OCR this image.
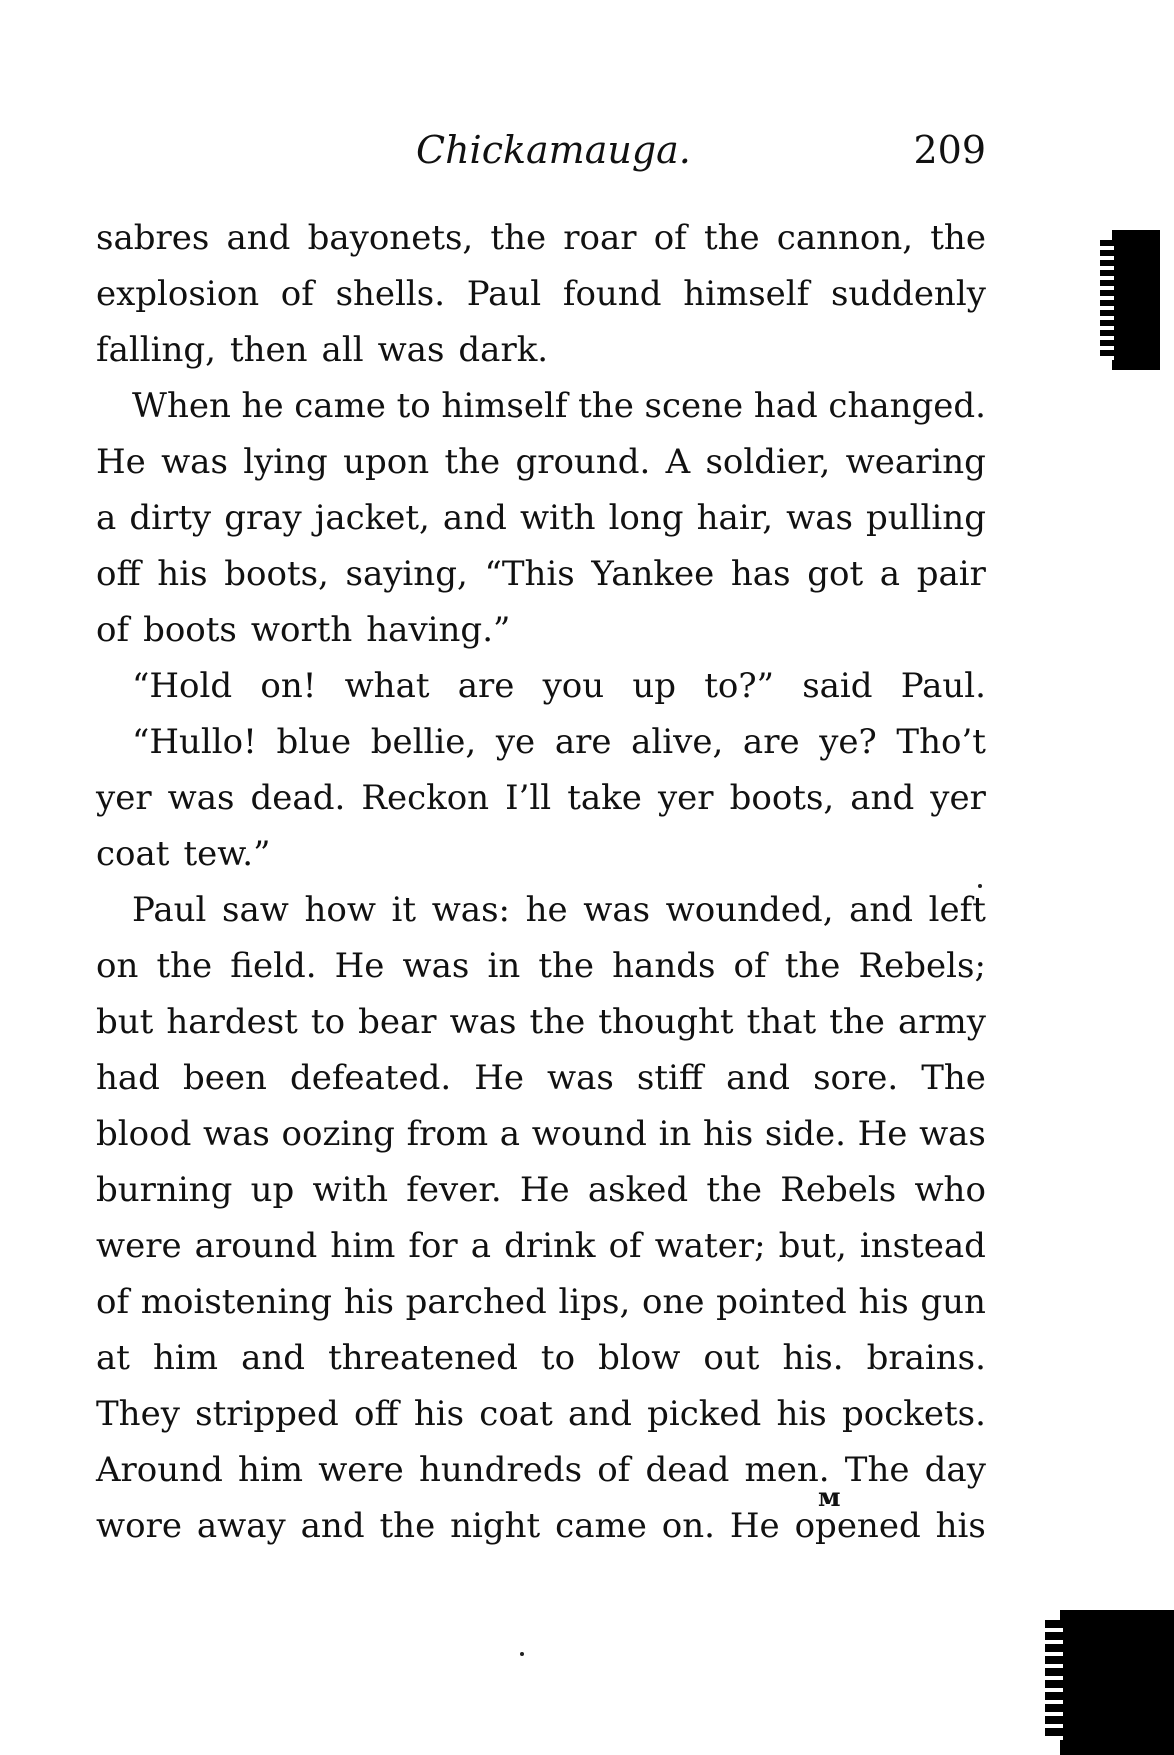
Chickamauga.	209
sabres and bayonets, the roar of the cannon, the
explosion of shells. Paul found himself suddenly
falling, then all was dark.
When he came to himself the scene had changed.
He was lying upon the ground. A soldier, wearing
a dirty gray jacket, and with long hair, was pulling
off his boots, saying, “This Yankee has got a pair
of boots worth having.”
“Hold on! what are you up to?” said Paul.
“Hullo! blue bellie, ye are alive, are ye? Tho’t
yer was dead. Reckon I’ll take yer boots, and yer
coat tew.”
Paul saw how it was: he was wounded, and left
on the field. He was in the hands of the Rebels;
but hardest to bear was the thought that the army
had been defeated. He was stiff and sore. The
blood was oozing from a wound in his side. He was
burning up with fever. He asked the Rebels who
were around him for a drink of water; but, instead
of moistening his parched lips, one pointed his gun
at him and threatened to blow out his. brains.
They stripped off his coat and picked his pockets.
Around him were hundreds of dead men. The day
wore away and the night came on. He opened his
м
